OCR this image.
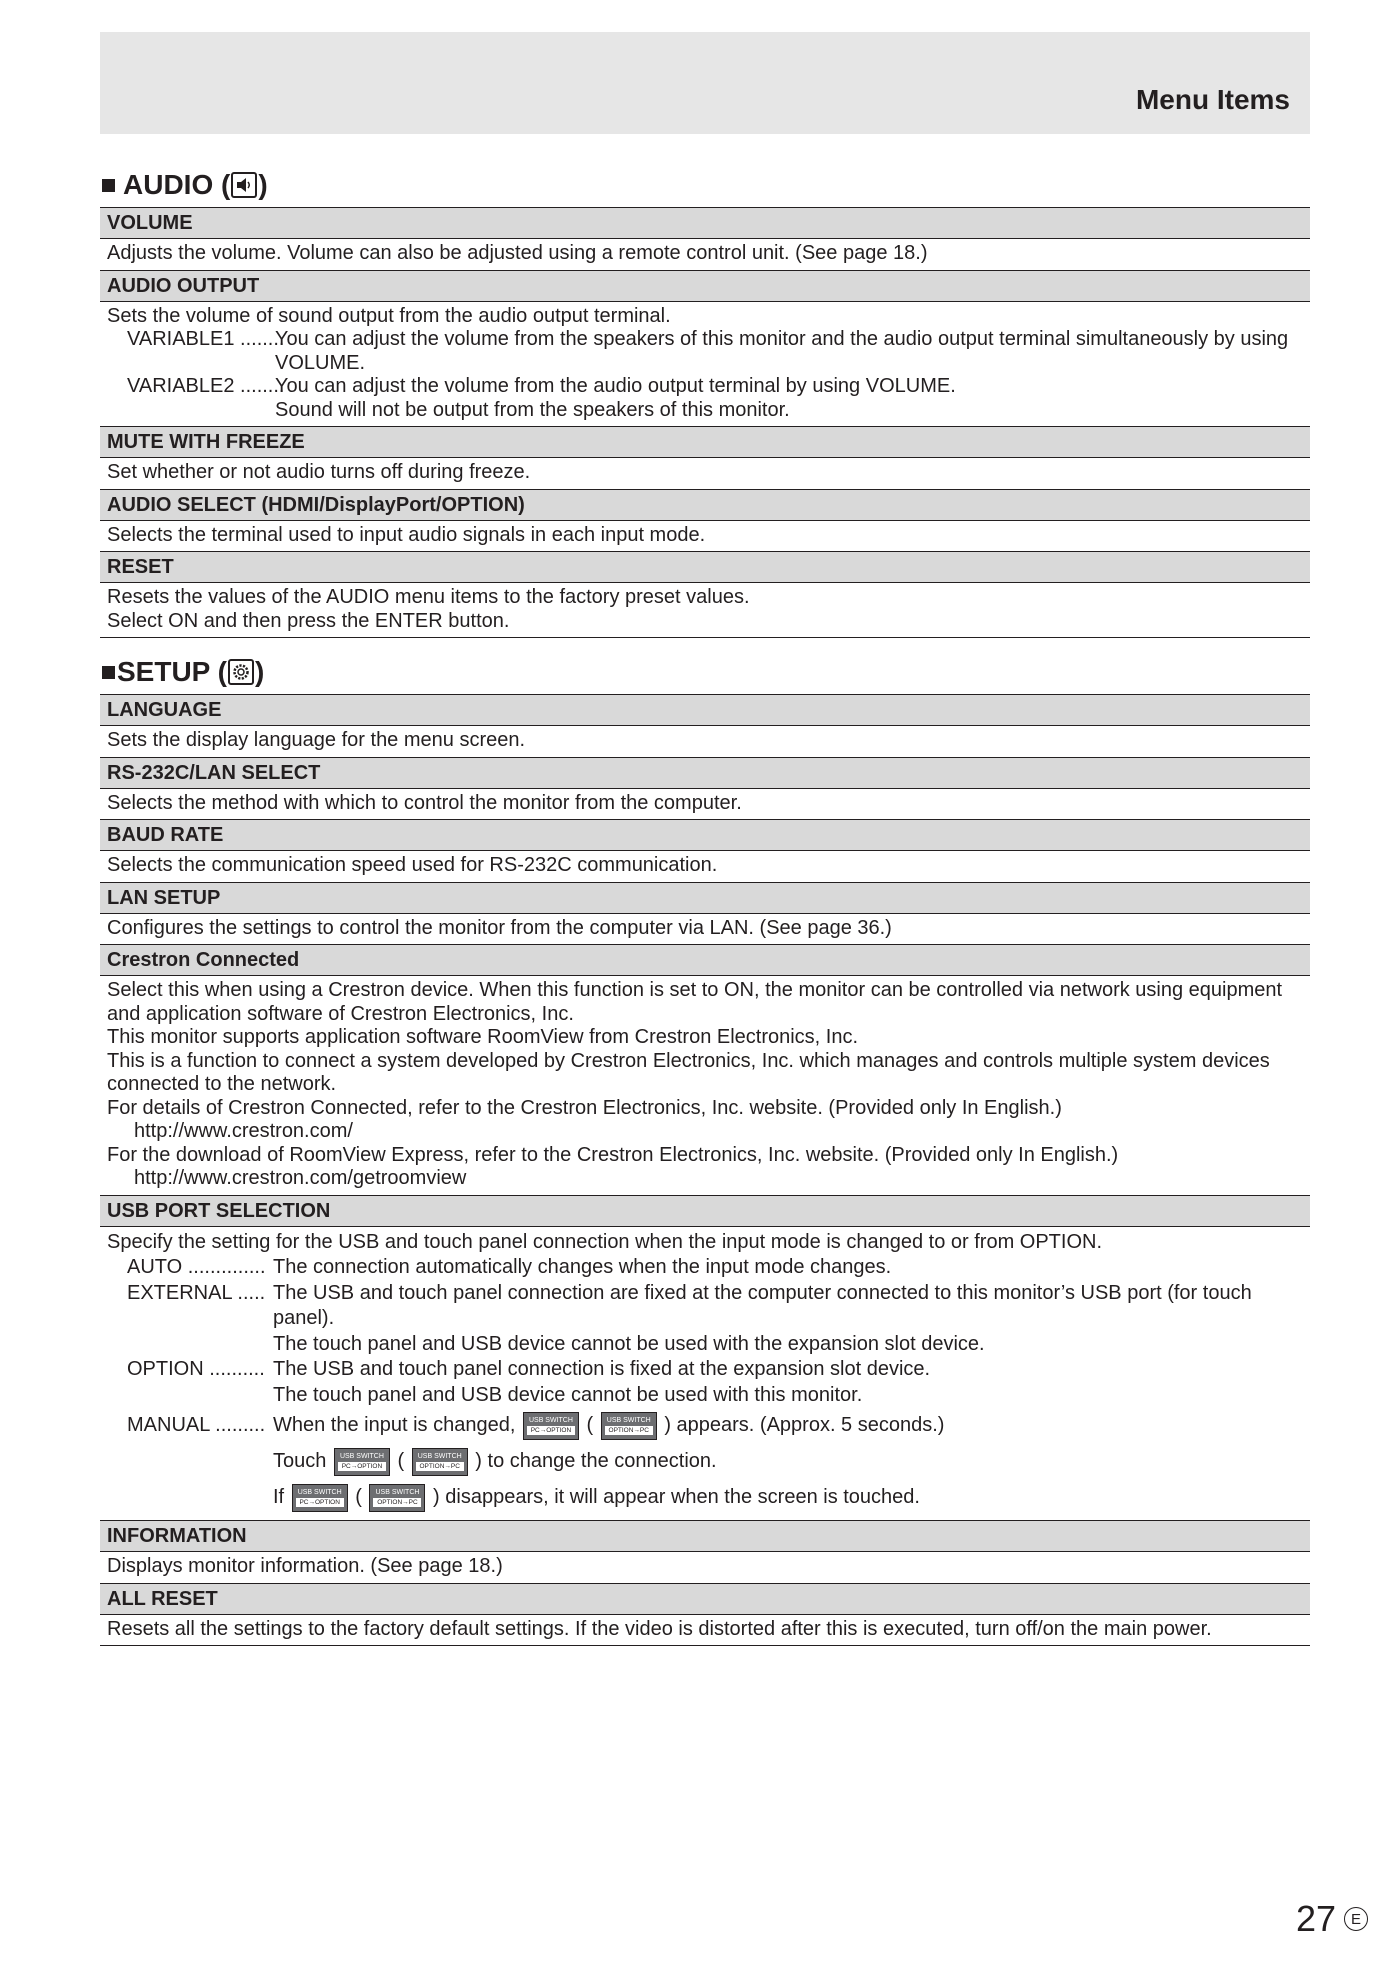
Menu Items
AUDIO ( )
VOLUME

Adjusts the volume. Volume can also be adjusted using a remote control unit. (See page 18.)

AUDIO OUTPUT

Sets the volume of sound output from the audio output terminal.

VARIABLE1 ........
You can adjust the volume from the speakers of this monitor and the audio output terminal simultaneously by using VOLUME.
VARIABLE2 ........
You can adjust the volume from the audio output terminal by using VOLUME.
Sound will not be output from the speakers of this monitor.
MUTE WITH FREEZE

Set whether or not audio turns off during freeze.

AUDIO SELECT (HDMI/DisplayPort/OPTION)

Selects the terminal used to input audio signals in each input mode.

RESET

Resets the values of the AUDIO menu items to the factory preset values.

Select ON and then press the ENTER button.

SETUP ( )
LANGUAGE

Sets the display language for the menu screen.

RS-232C/LAN SELECT

Selects the method with which to control the monitor from the computer.

BAUD RATE

Selects the communication speed used for RS-232C communication.

LAN SETUP

Configures the settings to control the monitor from the computer via LAN. (See page 36.)

Crestron Connected

Select this when using a Crestron device. When this function is set to ON, the monitor can be controlled via network using equipment and application software of Crestron Electronics, Inc.

This monitor supports application software RoomView from Crestron Electronics, Inc.

This is a function to connect a system developed by Crestron Electronics, Inc. which manages and controls multiple system devices connected to the network.

For details of Crestron Connected, refer to the Crestron Electronics, Inc. website. (Provided only In English.)

http://www.crestron.com/

For the download of RoomView Express, refer to the Crestron Electronics, Inc. website. (Provided only In English.)

http://www.crestron.com/getroomview

USB PORT SELECTION

Specify the setting for the USB and touch panel connection when the input mode is changed to or from OPTION.

AUTO .............. The connection automatically changes when the input mode changes.
EXTERNAL ..... The USB and touch panel connection are fixed at the computer connected to this monitor’s USB port (for touch panel).
The touch panel and USB device cannot be used with the expansion slot device.
OPTION .......... The USB and touch panel connection is fixed at the expansion slot device.
The touch panel and USB device cannot be used with this monitor.
MANUAL ......... When the input is changed,
USB SWITCH
PC→OPTION
(
USB SWITCH
OPTION→PC
) appears. (Approx. 5 seconds.)
Touch
USB SWITCH
PC→OPTION
(
USB SWITCH
OPTION→PC
) to change the connection.
If
USB SWITCH
PC→OPTION
(
USB SWITCH
OPTION→PC
) disappears, it will appear when the screen is touched.
INFORMATION

Displays monitor information. (See page 18.)

ALL RESET

Resets all the settings to the factory default settings. If the video is distorted after this is executed, turn off/on the main power.

27 E
